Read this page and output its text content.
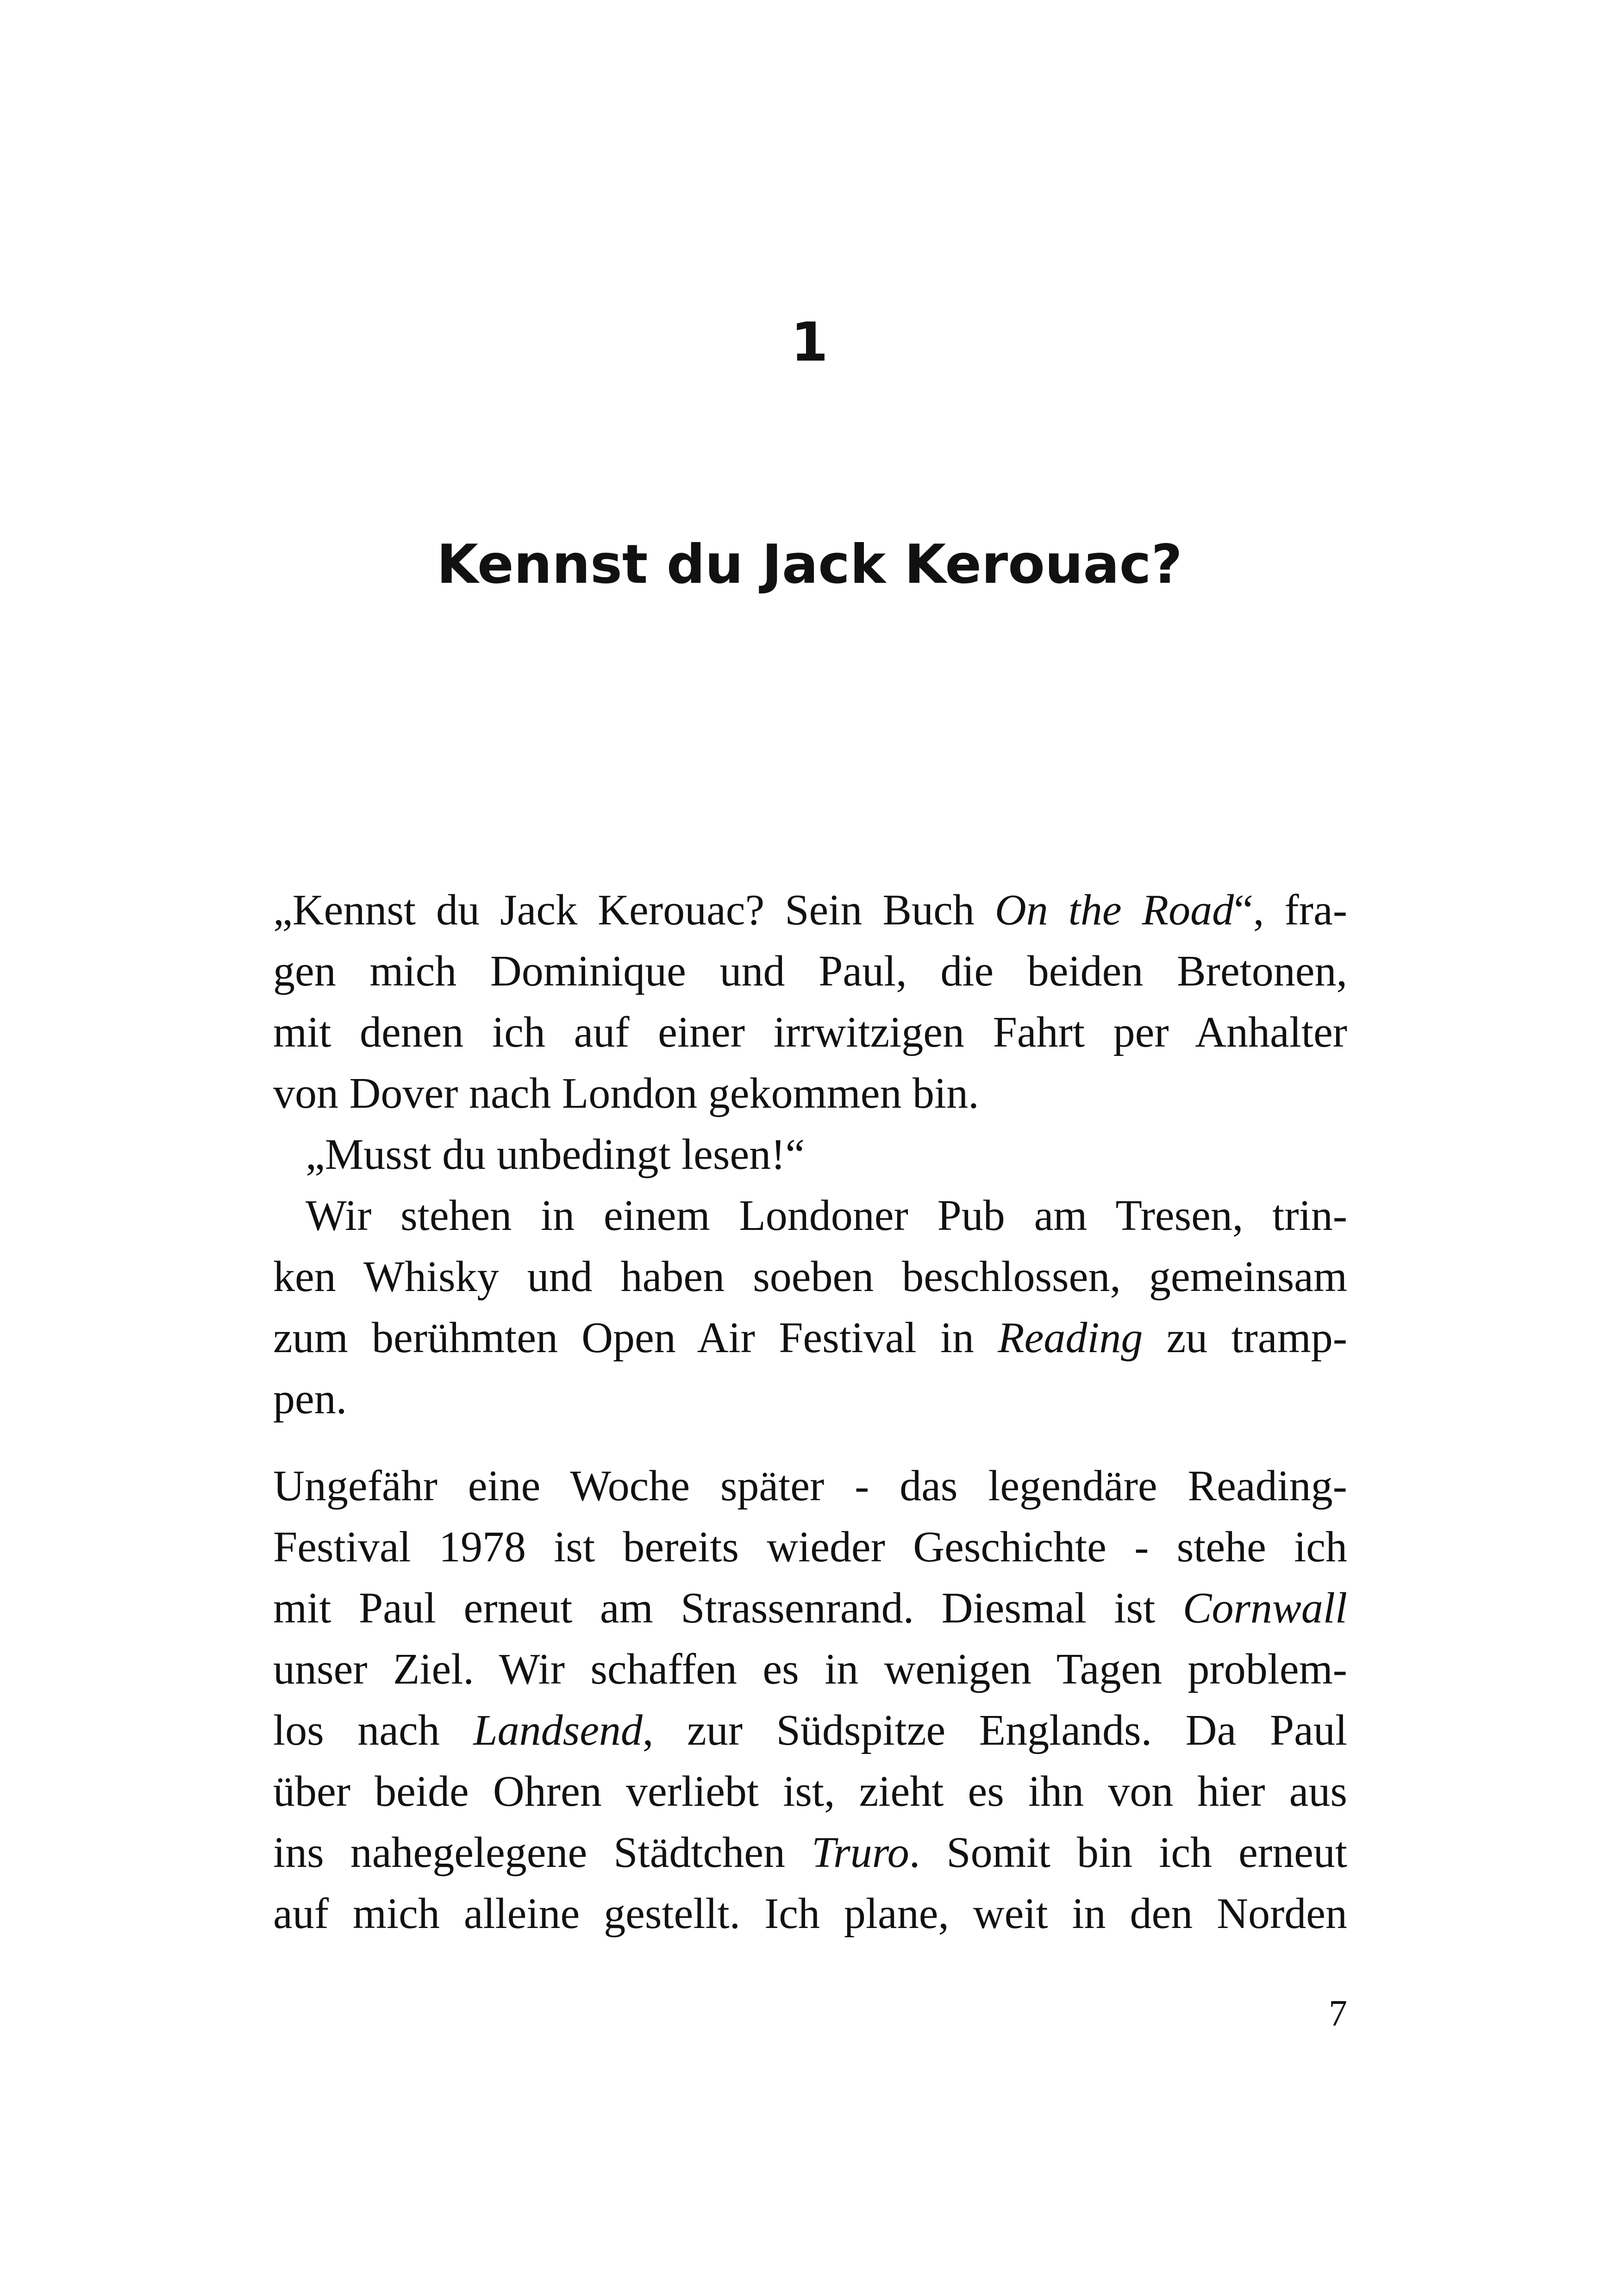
1
Kennst du Jack Kerouac?
„Kennst du Jack Kerouac? Sein Buch On the Road“, fra-
gen mich Dominique und Paul, die beiden Bretonen,
mit denen ich auf einer irrwitzigen Fahrt per Anhalter
von Dover nach London gekommen bin.
„Musst du unbedingt lesen!“
Wir stehen in einem Londoner Pub am Tresen, trin-
ken Whisky und haben soeben beschlossen, gemeinsam
zum berühmten Open Air Festival in Reading zu tramp-
pen.
Ungefähr eine Woche später - das legendäre Reading-
Festival 1978 ist bereits wieder Geschichte - stehe ich
mit Paul erneut am Strassenrand. Diesmal ist Cornwall
unser Ziel. Wir schaffen es in wenigen Tagen problem-
los nach Landsend, zur Südspitze Englands. Da Paul
über beide Ohren verliebt ist, zieht es ihn von hier aus
ins nahegelegene Städtchen Truro. Somit bin ich erneut
auf mich alleine gestellt. Ich plane, weit in den Norden
7
